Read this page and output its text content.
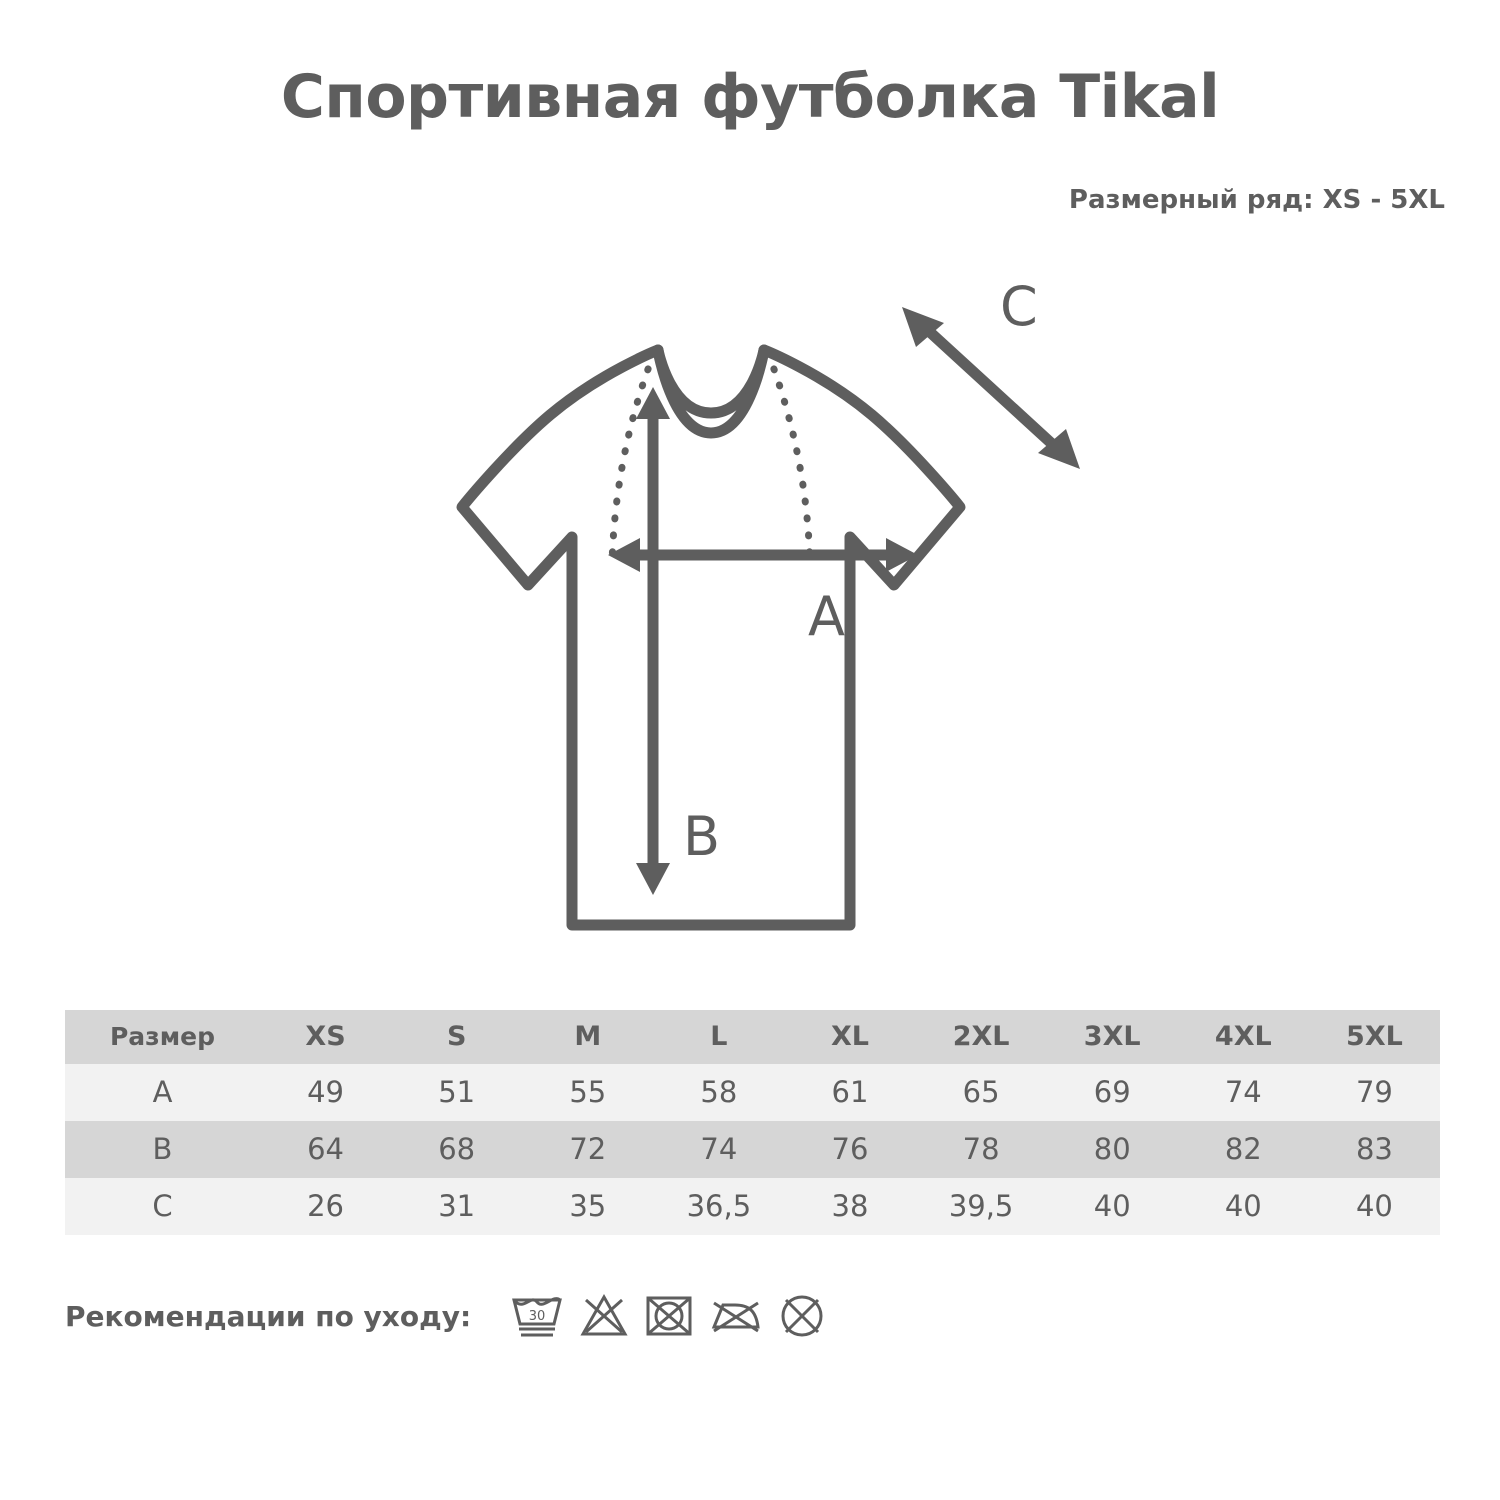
Спортивная футболка Tikal
Размерный ряд: XS - 5XL
A
B
C
Размер	XS	S	M	L	XL	2XL	3XL	4XL	5XL
A	49	51	55	58	61	65	69	74	79
B	64	68	72	74	76	78	80	82	83
C	26	31	35	36,5	38	39,5	40	40	40
Рекомендации по уходу:	30
